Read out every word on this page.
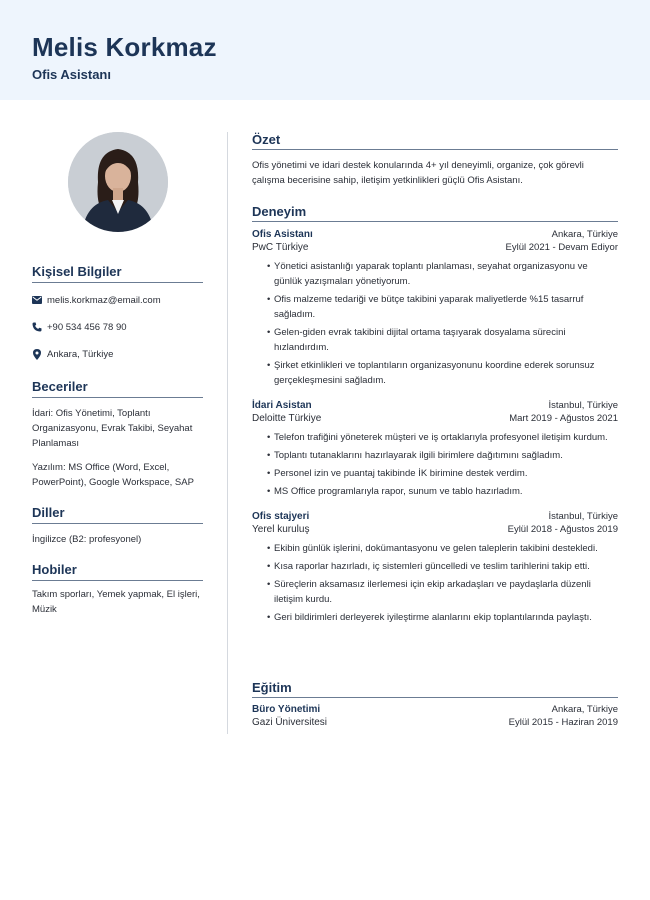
Melis Korkmaz
Ofis Asistanı
Kişisel Bilgiler
melis.korkmaz@email.com
+90 534 456 78 90
Ankara, Türkiye
Beceriler
İdari: Ofis Yönetimi, Toplantı Organizasyonu, Evrak Takibi, Seyahat Planlaması
Yazılım: MS Office (Word, Excel, PowerPoint), Google Workspace, SAP
Diller
İngilizce (B2: profesyonel)
Hobiler
Takım sporları, Yemek yapmak, El işleri, Müzik
Özet
Ofis yönetimi ve idari destek konularında 4+ yıl deneyimli, organize, çok görevli çalışma becerisine sahip, iletişim yetkinlikleri güçlü Ofis Asistanı.
Deneyim
Ofis Asistanı	Ankara, Türkiye
PwC Türkiye	Eylül 2021 - Devam Ediyor
• Yönetici asistanlığı yaparak toplantı planlaması, seyahat organizasyonu ve günlük yazışmaları yönetiyorum.
• Ofis malzeme tedariği ve bütçe takibini yaparak maliyetlerde %15 tasarruf sağladım.
• Gelen-giden evrak takibini dijital ortama taşıyarak dosyalama sürecini hızlandırdım.
• Şirket etkinlikleri ve toplantıların organizasyonunu koordine ederek sorunsuz gerçekleşmesini sağladım.
İdari Asistan	İstanbul, Türkiye
Deloitte Türkiye	Mart 2019 - Ağustos 2021
• Telefon trafiğini yöneterek müşteri ve iş ortaklarıyla profesyonel iletişim kurdum.
• Toplantı tutanaklarını hazırlayarak ilgili birimlere dağıtımını sağladım.
• Personel izin ve puantaj takibinde İK birimine destek verdim.
• MS Office programlarıyla rapor, sunum ve tablo hazırladım.
Ofis stajyeri	İstanbul, Türkiye
Yerel kuruluş	Eylül 2018 - Ağustos 2019
• Ekibin günlük işlerini, dokümantasyonu ve gelen taleplerin takibini destekledi.
• Kısa raporlar hazırladı, iç sistemleri güncelledi ve teslim tarihlerini takip etti.
• Süreçlerin aksamasız ilerlemesi için ekip arkadaşları ve paydaşlarla düzenli iletişim kurdu.
• Geri bildirimleri derleyerek iyileştirme alanlarını ekip toplantılarında paylaştı.
Eğitim
Büro Yönetimi	Ankara, Türkiye
Gazi Üniversitesi	Eylül 2015 - Haziran 2019
